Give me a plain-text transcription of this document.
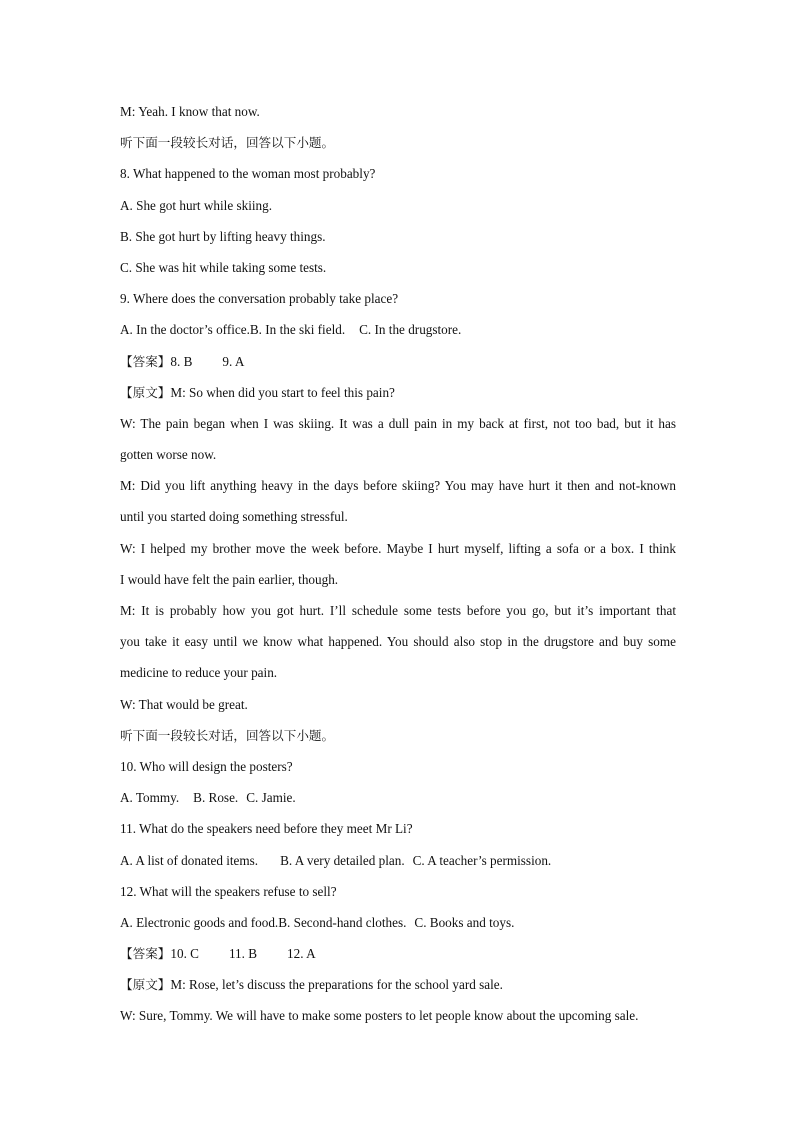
M: Yeah. I know that now.
听下面一段较长对话，回答以下小题。
8. What happened to the woman most probably?
A. She got hurt while skiing.
B. She got hurt by lifting heavy things.
C. She was hit while taking some tests.
9. Where does the conversation probably take place?
A. In the doctor’s office.B. In the ski field. C. In the drugstore.
【答案】8. B 9. A
【原文】M: So when did you start to feel this pain?
W: The pain began when I was skiing. It was a dull pain in my back at first, not too bad, but it has
gotten worse now.
M: Did you lift anything heavy in the days before skiing? You may have hurt it then and not-known
until you started doing something stressful.
W: I helped my brother move the week before. Maybe I hurt myself, lifting a sofa or a box. I think
I would have felt the pain earlier, though.
M: It is probably how you got hurt. I’ll schedule some tests before you go, but it’s important that
you take it easy until we know what happened. You should also stop in the drugstore and buy some
medicine to reduce your pain.
W: That would be great.
听下面一段较长对话，回答以下小题。
10. Who will design the posters?
A. Tommy. B. Rose. C. Jamie.
11. What do the speakers need before they meet Mr Li?
A. A list of donated items. B. A very detailed plan. C. A teacher’s permission.
12. What will the speakers refuse to sell?
A. Electronic goods and food.B. Second-hand clothes. C. Books and toys.
【答案】10. C 11. B 12. A
【原文】M: Rose, let’s discuss the preparations for the school yard sale.
W: Sure, Tommy. We will have to make some posters to let people know about the upcoming sale.
